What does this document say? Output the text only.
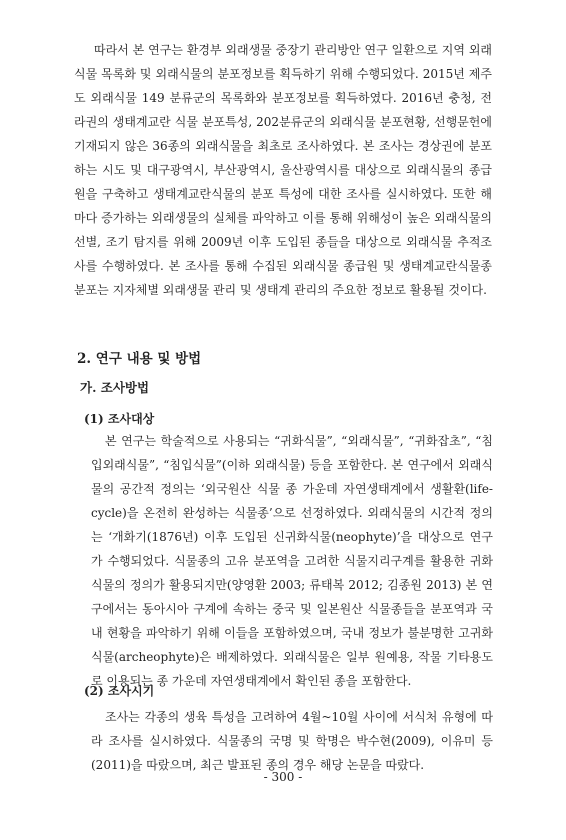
따라서 본 연구는 환경부 외래생물 중장기 관리방안 연구 일환으로 지역 외래식물 목록화 및 외래식물의 분포정보를 획득하기 위해 수행되었다. 2015년 제주도 외래식물 149 분류군의 목록화와 분포정보를 획득하였다. 2016년 충청, 전라권의 생태계교란 식물 분포특성, 202분류군의 외래식물 분포현황, 선행문헌에 기재되지 않은 36종의 외래식물을 최초로 조사하였다. 본 조사는 경상권에 분포하는 시도 및 대구광역시, 부산광역시, 울산광역시를 대상으로 외래식물의 종급원을 구축하고 생태계교란식물의 분포 특성에 대한 조사를 실시하였다. 또한 해마다 증가하는 외래생물의 실체를 파악하고 이를 통해 위해성이 높은 외래식물의 선별, 조기 탐지를 위해 2009년 이후 도입된 종들을 대상으로 외래식물 추적조사를 수행하였다. 본 조사를 통해 수집된 외래식물 종급원 및 생태계교란식물종 분포는 지자체별 외래생물 관리 및 생태계 관리의 주요한 정보로 활용될 것이다.

2. 연구 내용 및 방법
가. 조사방법
(1) 조사대상

본 연구는 학술적으로 사용되는 “귀화식물”, “외래식물”, “귀화잡초”, “침입외래식물”, “침입식물”(이하 외래식물) 등을 포함한다. 본 연구에서 외래식물의 공간적 정의는 ‘외국원산 식물 종 가운데 자연생태계에서 생활환(life-cycle)을 온전히 완성하는 식물종’으로 선정하였다. 외래식물의 시간적 정의는 ‘개화기(1876년) 이후 도입된 신귀화식물(neophyte)’을 대상으로 연구가 수행되었다. 식물종의 고유 분포역을 고려한 식물지리구계를 활용한 귀화식물의 정의가 활용되지만(양영환 2003; 류태복 2012; 김종원 2013) 본 연구에서는 동아시아 구계에 속하는 중국 및 일본원산 식물종들을 분포역과 국내 현황을 파악하기 위해 이들을 포함하였으며, 국내 정보가 불분명한 고귀화식물(archeophyte)은 배제하였다. 외래식물은 일부 원예용, 작물 기타용도로 이용되는 종 가운데 자연생태계에서 확인된 종을 포함한다.

(2) 조사시기

조사는 각종의 생육 특성을 고려하여 4월~10월 사이에 서식처 유형에 따라 조사를 실시하였다. 식물종의 국명 및 학명은 박수현(2009), 이유미 등(2011)을 따랐으며, 최근 발표된 종의 경우 해당 논문을 따랐다.

- 300 -
